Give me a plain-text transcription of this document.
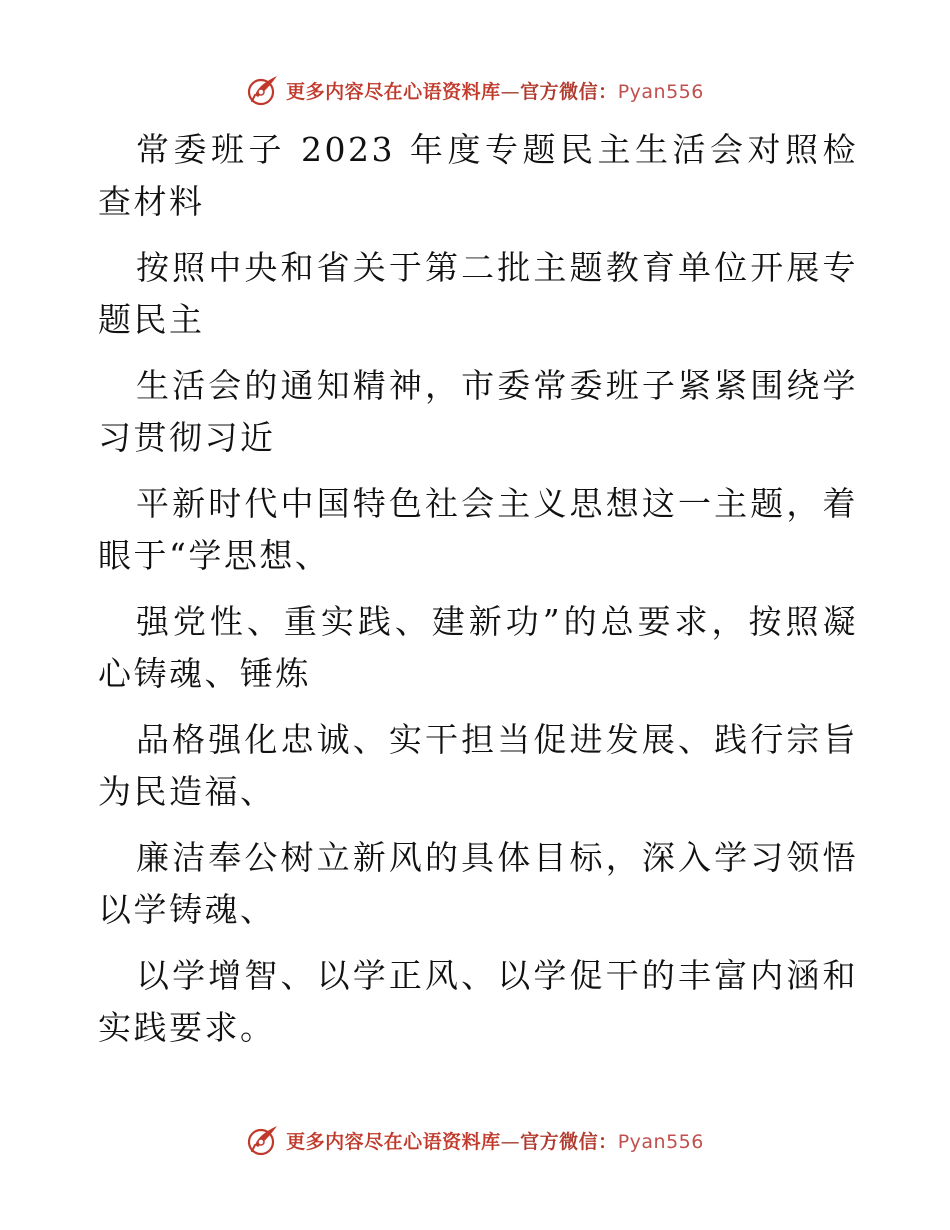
更多内容尽在心语资料库—官方微信：Pyan556

常委班子 2023 年度专题民主生活会对照检查材料

按照中央和省关于第二批主题教育单位开展专题民主

生活会的通知精神，市委常委班子紧紧围绕学习贯彻习近

平新时代中国特色社会主义思想这一主题，着眼于“学思想、

强党性、重实践、建新功”的总要求，按照凝心铸魂、锤炼

品格强化忠诚、实干担当促进发展、践行宗旨为民造福、

廉洁奉公树立新风的具体目标，深入学习领悟以学铸魂、

以学增智、以学正风、以学促干的丰富内涵和实践要求。

更多内容尽在心语资料库—官方微信：Pyan556
